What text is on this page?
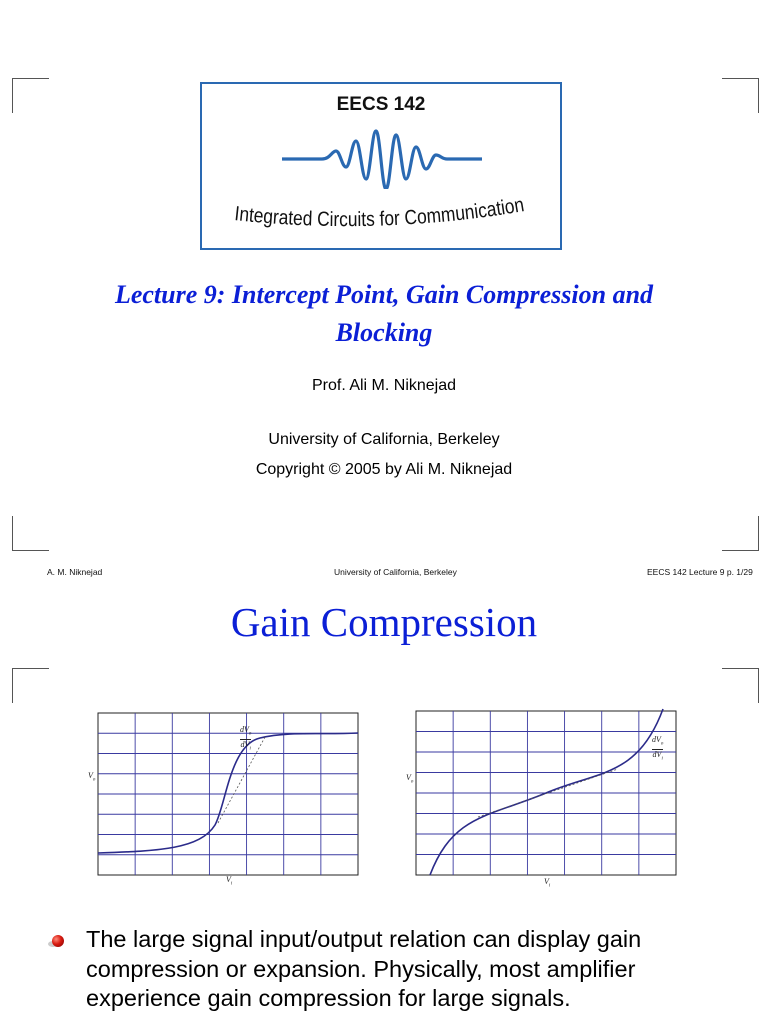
EECS 142
Integrated Circuits for Communication
Lecture 9: Intercept Point, Gain Compression and
Blocking
Prof. Ali M. Niknejad
University of California, Berkeley
Copyright © 2005 by Ali M. Niknejad
A. M. Niknejad	University of California, Berkeley	EECS 142 Lecture 9 p. 1/29
Gain Compression
$V_o$
$V_i$
$dV_o$
$dV_i$
$V_o$
$V_i$
$dV_o$
$dV_i$
The large signal input/output relation can display gain compression or expansion. Physically, most amplifier experience gain compression for large signals.
